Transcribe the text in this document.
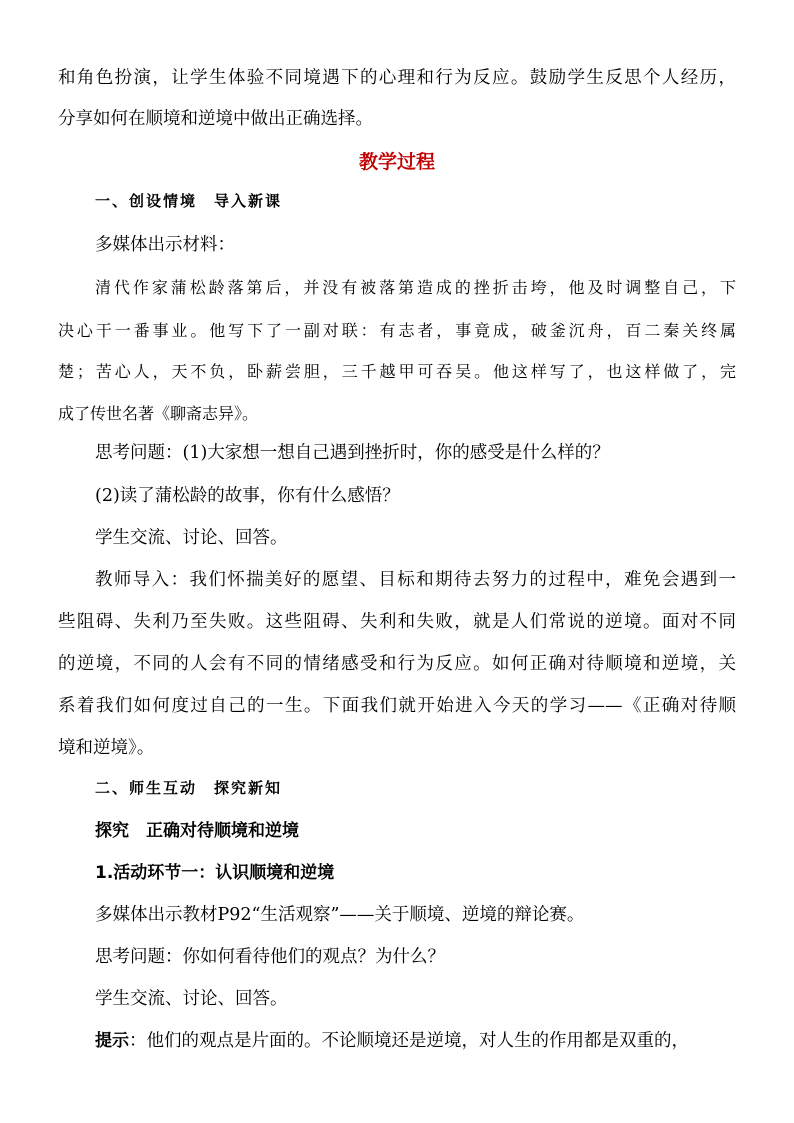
和角色扮演，让学生体验不同境遇下的心理和行为反应。鼓励学生反思个人经历，
分享如何在顺境和逆境中做出正确选择。
教学过程
一、创设情境　导入新课
多媒体出示材料：
清代作家蒲松龄落第后，并没有被落第造成的挫折击垮，他及时调整自己，下
决心干一番事业。他写下了一副对联：有志者，事竟成，破釜沉舟，百二秦关终属
楚；苦心人，天不负，卧薪尝胆，三千越甲可吞吴。他这样写了，也这样做了，完
成了传世名著《聊斋志异》。
思考问题：(1)大家想一想自己遇到挫折时，你的感受是什么样的？
(2)读了蒲松龄的故事，你有什么感悟？
学生交流、讨论、回答。
教师导入：我们怀揣美好的愿望、目标和期待去努力的过程中，难免会遇到一
些阻碍、失利乃至失败。这些阻碍、失利和失败，就是人们常说的逆境。面对不同
的逆境，不同的人会有不同的情绪感受和行为反应。如何正确对待顺境和逆境，关
系着我们如何度过自己的一生。下面我们就开始进入今天的学习——《正确对待顺
境和逆境》。
二、师生互动　探究新知
探究　正确对待顺境和逆境
1.活动环节一：认识顺境和逆境
多媒体出示教材P92“生活观察”——关于顺境、逆境的辩论赛。
思考问题：你如何看待他们的观点？为什么？
学生交流、讨论、回答。
提示：他们的观点是片面的。不论顺境还是逆境，对人生的作用都是双重的，
